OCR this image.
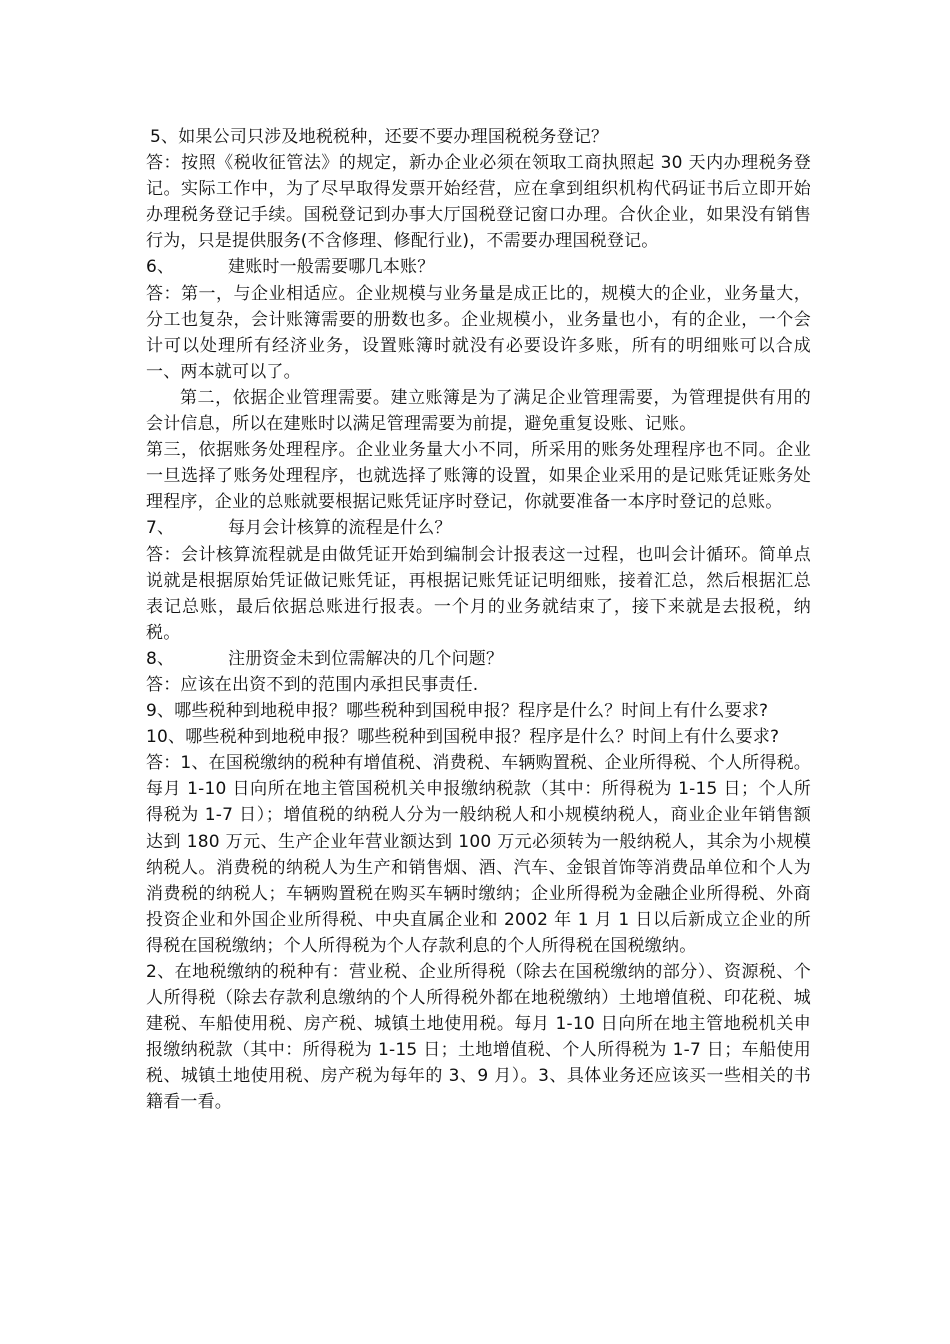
5、如果公司只涉及地税税种，还要不要办理国税税务登记？

答：按照《税收征管法》的规定，新办企业必须在领取工商执照起 30 天内办理税务登记。实际工作中，为了尽早取得发票开始经营，应在拿到组织机构代码证书后立即开始办理税务登记手续。国税登记到办事大厅国税登记窗口办理。合伙企业，如果没有销售行为，只是提供服务(不含修理、修配行业)，不需要办理国税登记。

6、	建账时一般需要哪几本账？

答：第一，与企业相适应。企业规模与业务量是成正比的，规模大的企业，业务量大，分工也复杂，会计账簿需要的册数也多。企业规模小，业务量也小，有的企业，一个会计可以处理所有经济业务，设置账簿时就没有必要设许多账，所有的明细账可以合成一、两本就可以了。

第二，依据企业管理需要。建立账簿是为了满足企业管理需要，为管理提供有用的会计信息，所以在建账时以满足管理需要为前提，避免重复设账、记账。

第三，依据账务处理程序。企业业务量大小不同，所采用的账务处理程序也不同。企业一旦选择了账务处理程序，也就选择了账簿的设置，如果企业采用的是记账凭证账务处理程序，企业的总账就要根据记账凭证序时登记，你就要准备一本序时登记的总账。

7、	每月会计核算的流程是什么？

答：会计核算流程就是由做凭证开始到编制会计报表这一过程，也叫会计循环。简单点说就是根据原始凭证做记账凭证，再根据记账凭证记明细账，接着汇总，然后根据汇总表记总账，最后依据总账进行报表。一个月的业务就结束了，接下来就是去报税，纳税。

8、	注册资金未到位需解决的几个问题？

答：应该在出资不到的范围内承担民事责任.

9、哪些税种到地税申报？哪些税种到国税申报？程序是什么？时间上有什么要求?

10、哪些税种到地税申报？哪些税种到国税申报？程序是什么？时间上有什么要求?

答：1、在国税缴纳的税种有增值税、消费税、车辆购置税、企业所得税、个人所得税。每月 1-10 日向所在地主管国税机关申报缴纳税款（其中：所得税为 1-15 日；个人所得税为 1-7 日）；增值税的纳税人分为一般纳税人和小规模纳税人，商业企业年销售额达到 180 万元、生产企业年营业额达到 100 万元必须转为一般纳税人，其余为小规模纳税人。消费税的纳税人为生产和销售烟、酒、汽车、金银首饰等消费品单位和个人为消费税的纳税人；车辆购置税在购买车辆时缴纳；企业所得税为金融企业所得税、外商投资企业和外国企业所得税、中央直属企业和 2002 年 1 月 1 日以后新成立企业的所得税在国税缴纳；个人所得税为个人存款利息的个人所得税在国税缴纳。

2、在地税缴纳的税种有：营业税、企业所得税（除去在国税缴纳的部分）、资源税、个人所得税（除去存款利息缴纳的个人所得税外都在地税缴纳）土地增值税、印花税、城建税、车船使用税、房产税、城镇土地使用税。每月 1-10 日向所在地主管地税机关申报缴纳税款（其中：所得税为 1-15 日；土地增值税、个人所得税为 1-7 日；车船使用税、城镇土地使用税、房产税为每年的 3、9 月）。3、具体业务还应该买一些相关的书籍看一看。
